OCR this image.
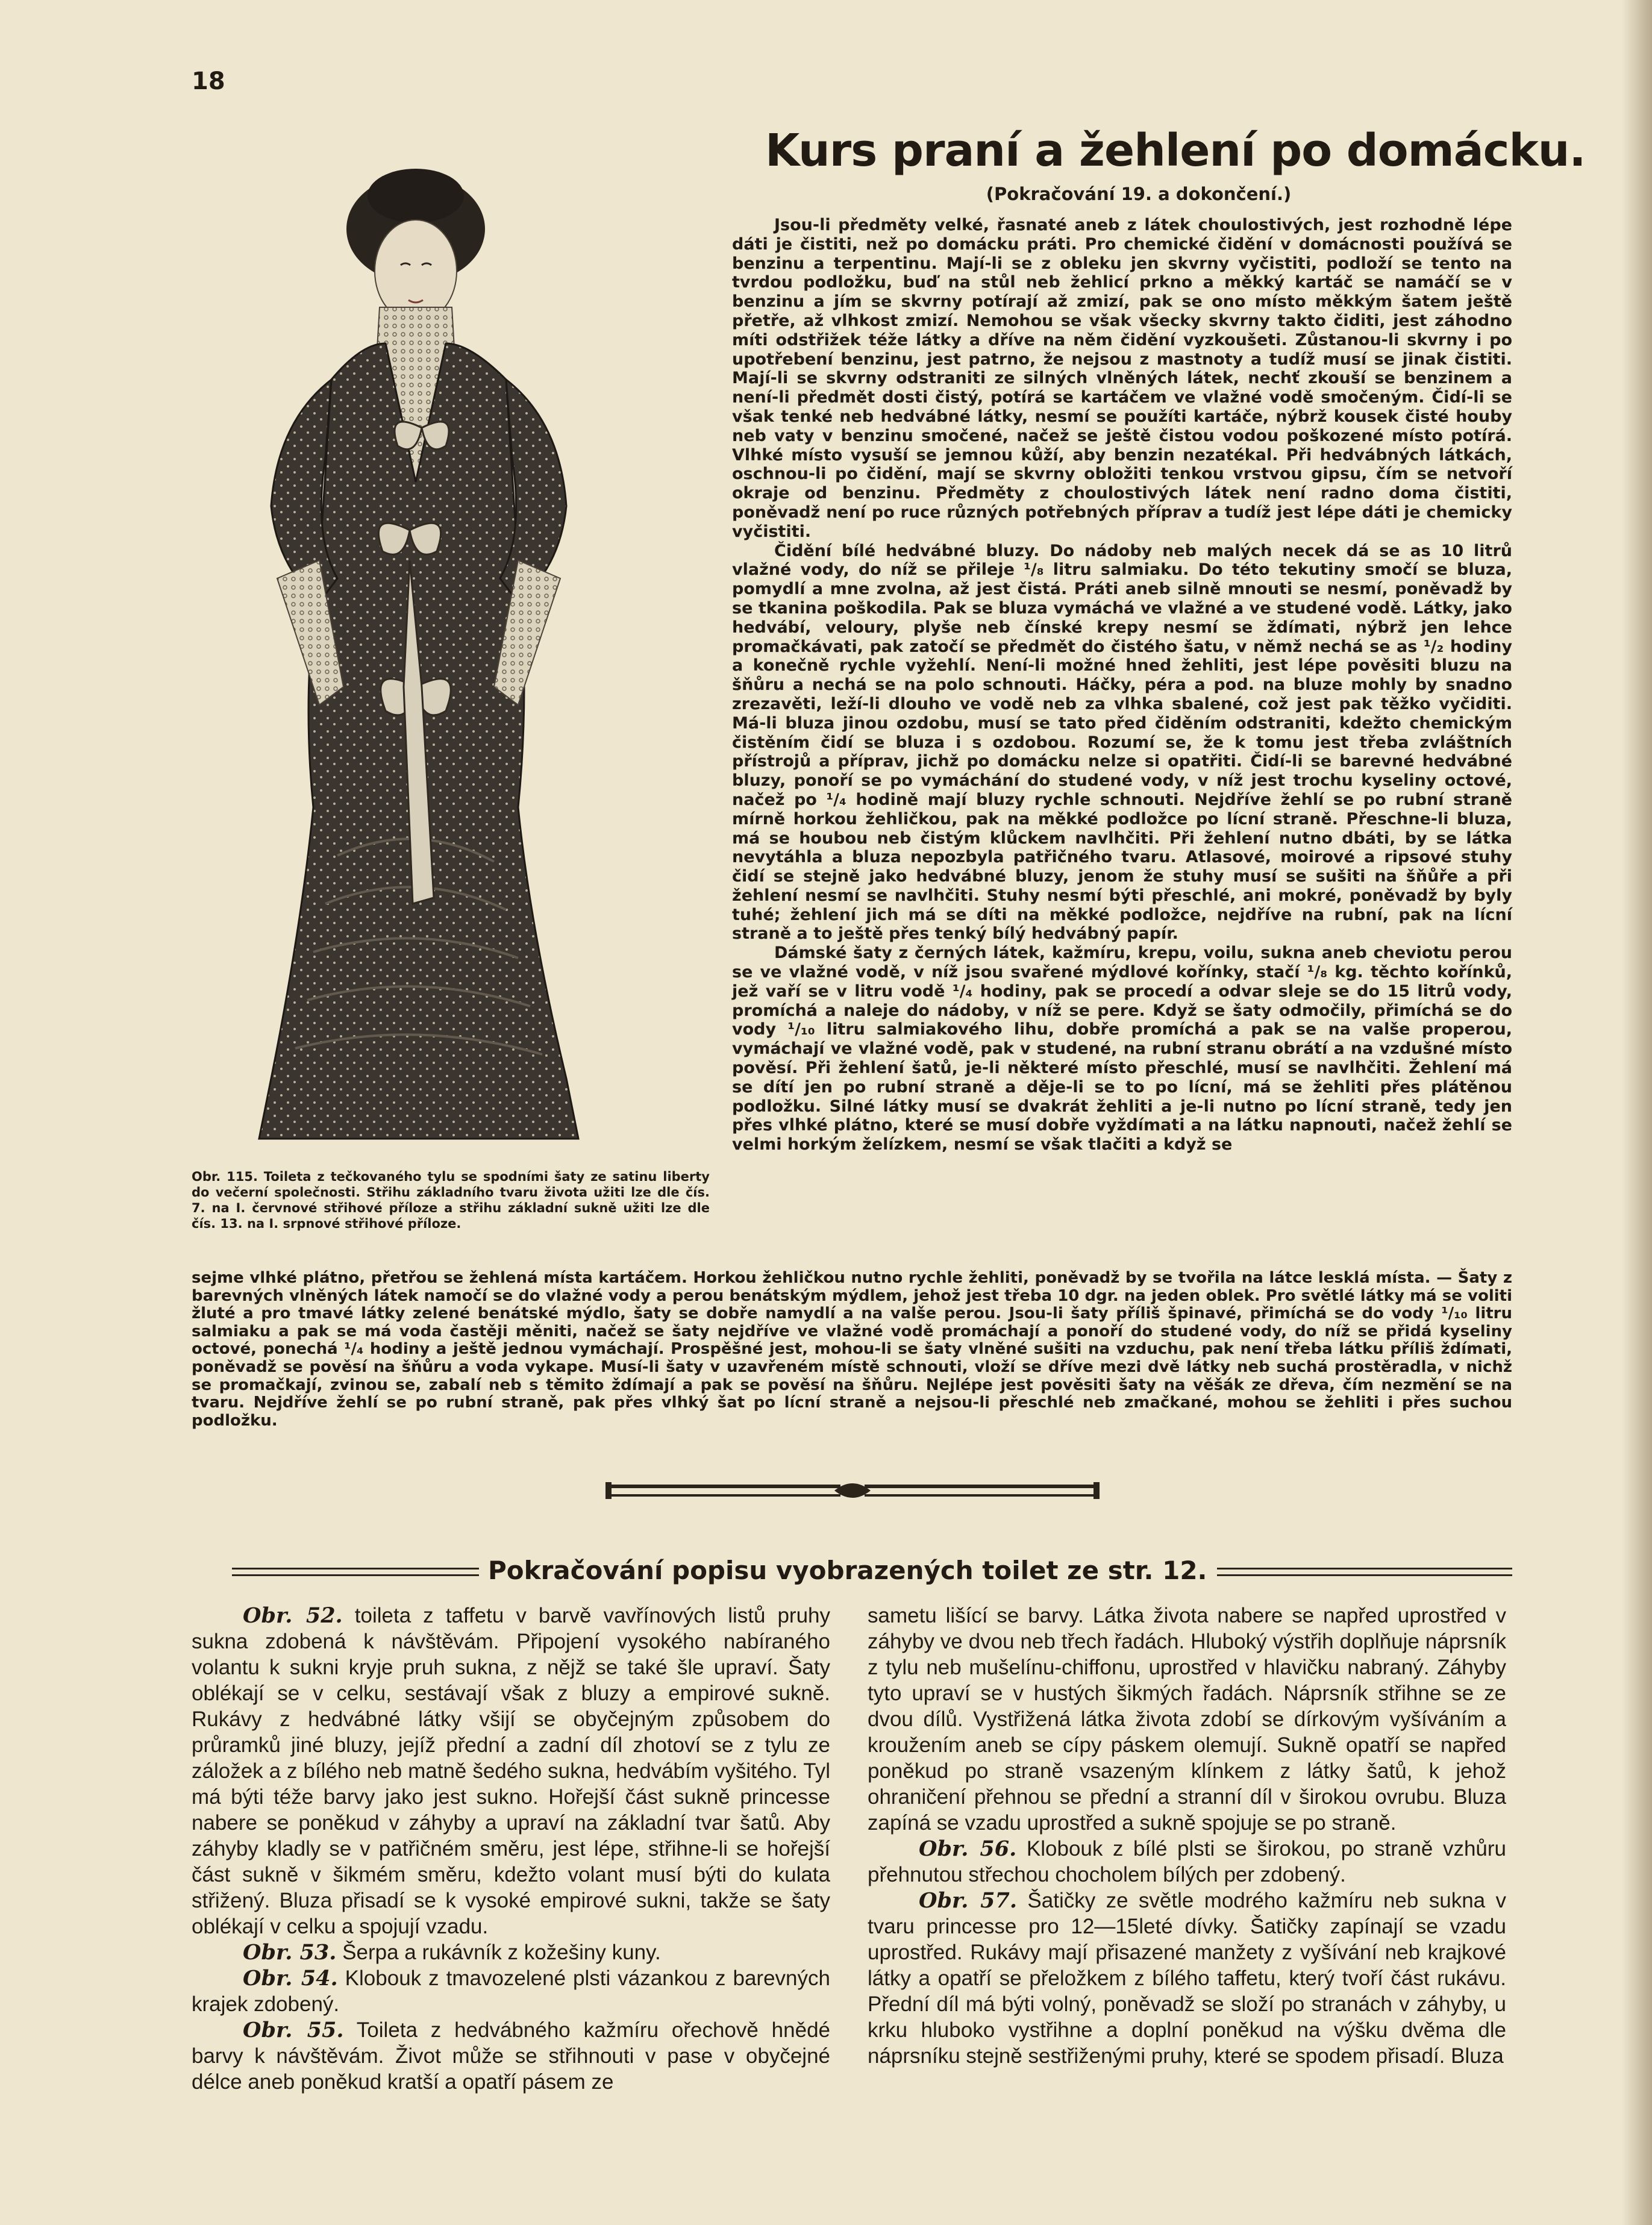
18

Obr. 115. Toileta z tečkovaného tylu se spodními šaty ze satinu liberty do večerní společnosti. Střihu základního tvaru života užiti lze dle čís. 7. na I. červnové střihové příloze a střihu základní sukně užiti lze dle čís. 13. na I. srpnové střihové příloze.

Kurs praní a žehlení po domácku.

(Pokračování 19. a dokončení.)

Jsou-li předměty velké, řasnaté aneb z látek choulostivých, jest rozhodně lépe dáti je čistiti, než po domácku práti. Pro chemické čidění v domácnosti používá se benzinu a terpentinu. Mají-li se z obleku jen skvrny vyčistiti, podloží se tento na tvrdou podložku, buď na stůl neb žehlicí prkno a měkký kartáč se namáčí se v benzinu a jím se skvrny potírají až zmizí, pak se ono místo měkkým šatem ještě přetře, až vlhkost zmizí. Nemohou se však všecky skvrny takto čiditi, jest záhodno míti odstřižek téže látky a dříve na něm čidění vyzkoušeti. Zůstanou-li skvrny i po upotřebení benzinu, jest patrno, že nejsou z mastnoty a tudíž musí se jinak čistiti. Mají-li se skvrny odstraniti ze silných vlněných látek, nechť zkouší se benzinem a není-li předmět dosti čistý, potírá se kartáčem ve vlažné vodě smočeným. Čidí-li se však tenké neb hedvábné látky, nesmí se použíti kartáče, nýbrž kousek čisté houby neb vaty v benzinu smočené, načež se ještě čistou vodou poškozené místo potírá. Vlhké místo vysuší se jemnou kůží, aby benzin nezatékal. Při hedvábných látkách, oschnou-li po čidění, mají se skvrny obložiti tenkou vrstvou gipsu, čím se netvoří okraje od benzinu. Předměty z choulostivých látek není radno doma čistiti, poněvadž není po ruce různých potřebných příprav a tudíž jest lépe dáti je chemicky vyčistiti.

Čidění bílé hedvábné bluzy. Do nádoby neb malých necek dá se as 10 litrů vlažné vody, do níž se přileje ¹/₈ litru salmiaku. Do této tekutiny smočí se bluza, pomydlí a mne zvolna, až jest čistá. Práti aneb silně mnouti se nesmí, poněvadž by se tkanina poškodila. Pak se bluza vymáchá ve vlažné a ve studené vodě. Látky, jako hedvábí, veloury, plyše neb čínské krepy nesmí se ždímati, nýbrž jen lehce promačkávati, pak zatočí se předmět do čistého šatu, v němž nechá se as ¹/₂ hodiny a konečně rychle vyžehlí. Není-li možné hned žehliti, jest lépe pověsiti bluzu na šňůru a nechá se na polo schnouti. Háčky, péra a pod. na bluze mohly by snadno zrezavěti, leží-li dlouho ve vodě neb za vlhka sbalené, což jest pak těžko vyčiditi. Má-li bluza jinou ozdobu, musí se tato před čiděním odstraniti, kdežto chemickým čistěním čidí se bluza i s ozdobou. Rozumí se, že k tomu jest třeba zvláštních přístrojů a příprav, jichž po domácku nelze si opatřiti. Čidí-li se barevné hedvábné bluzy, ponoří se po vymáchání do studené vody, v níž jest trochu kyseliny octové, načež po ¹/₄ hodině mají bluzy rychle schnouti. Nejdříve žehlí se po rubní straně mírně horkou žehličkou, pak na měkké podložce po lícní straně. Přeschne-li bluza, má se houbou neb čistým klůckem navlhčiti. Při žehlení nutno dbáti, by se látka nevytáhla a bluza nepozbyla patřičného tvaru. Atlasové, moirové a ripsové stuhy čidí se stejně jako hedvábné bluzy, jenom že stuhy musí se sušiti na šňůře a při žehlení nesmí se navlhčiti. Stuhy nesmí býti přeschlé, ani mokré, poněvadž by byly tuhé; žehlení jich má se díti na měkké podložce, nejdříve na rubní, pak na lícní straně a to ještě přes tenký bílý hedvábný papír.

Dámské šaty z černých látek, kažmíru, krepu, voilu, sukna aneb cheviotu perou se ve vlažné vodě, v níž jsou svařené mýdlové kořínky, stačí ¹/₈ kg. těchto kořínků, jež vaří se v litru vodě ¹/₄ hodiny, pak se procedí a odvar sleje se do 15 litrů vody, promíchá a naleje do nádoby, v níž se pere. Když se šaty odmočily, přimíchá se do vody ¹/₁₀ litru salmiakového lihu, dobře promíchá a pak se na valše properou, vymáchají ve vlažné vodě, pak v studené, na rubní stranu obrátí a na vzdušné místo pověsí. Při žehlení šatů, je-li některé místo přeschlé, musí se navlhčiti. Žehlení má se dítí jen po rubní straně a děje-li se to po lícní, má se žehliti přes plátěnou podložku. Silné látky musí se dvakrát žehliti a je-li nutno po lícní straně, tedy jen přes vlhké plátno, které se musí dobře vyždímati a na látku napnouti, načež žehlí se velmi horkým želízkem, nesmí se však tlačiti a když se

sejme vlhké plátno, přetřou se žehlená místa kartáčem. Horkou žehličkou nutno rychle žehliti, poněvadž by se tvořila na látce lesklá místa. — Šaty z barevných vlněných látek namočí se do vlažné vody a perou benátským mýdlem, jehož jest třeba 10 dgr. na jeden oblek. Pro světlé látky má se voliti žluté a pro tmavé látky zelené benátské mýdlo, šaty se dobře namydlí a na valše perou. Jsou-li šaty příliš špinavé, přimíchá se do vody ¹/₁₀ litru salmiaku a pak se má voda častěji měniti, načež se šaty nejdříve ve vlažné vodě promáchají a ponoří do studené vody, do níž se přidá kyseliny octové, ponechá ¹/₄ hodiny a ještě jednou vymáchají. Prospěšné jest, mohou-li se šaty vlněné sušiti na vzduchu, pak není třeba látku příliš ždímati, poněvadž se pověsí na šňůru a voda vykape. Musí-li šaty v uzavřeném místě schnouti, vloží se dříve mezi dvě látky neb suchá prostěradla, v nichž se promačkají, zvinou se, zabalí neb s těmito ždímají a pak se pověsí na šňůru. Nejlépe jest pověsiti šaty na věšák ze dřeva, čím nezmění se na tvaru. Nejdříve žehlí se po rubní straně, pak přes vlhký šat po lícní straně a nejsou-li přeschlé neb zmačkané, mohou se žehliti i přes suchou podložku.

Pokračování popisu vyobrazených toilet ze str. 12.

Obr. 52. toileta z taffetu v barvě vavřínových listů pruhy sukna zdobená k návštěvám. Připojení vysokého nabíraného volantu k sukni kryje pruh sukna, z nějž se také šle upraví. Šaty oblékají se v celku, sestávají však z bluzy a empirové sukně. Rukávy z hedvábné látky všijí se obyčejným způsobem do průramků jiné bluzy, jejíž přední a zadní díl zhotoví se z tylu ze záložek a z bílého neb matně šedého sukna, hedvábím vyšitého. Tyl má býti téže barvy jako jest sukno. Hořejší část sukně princesse nabere se poněkud v záhyby a upraví na základní tvar šatů. Aby záhyby kladly se v patřičném směru, jest lépe, střihne-li se hořejší část sukně v šikmém směru, kdežto volant musí býti do kulata střižený. Bluza přisadí se k vysoké empirové sukni, takže se šaty oblékají v celku a spojují vzadu.

Obr. 53. Šerpa a rukávník z kožešiny kuny.

Obr. 54. Klobouk z tmavozelené plsti vázankou z barevných krajek zdobený.

Obr. 55. Toileta z hedvábného kažmíru ořechově hnědé barvy k návštěvám. Život může se střihnouti v pase v obyčejné délce aneb poněkud kratší a opatří pásem ze

sametu lišící se barvy. Látka života nabere se napřed uprostřed v záhyby ve dvou neb třech řadách. Hluboký výstřih doplňuje náprsník z tylu neb mušelínu-chiffonu, uprostřed v hlavičku nabraný. Záhyby tyto upraví se v hustých šikmých řadách. Náprsník střihne se ze dvou dílů. Vystřižená látka života zdobí se dírkovým vyšíváním a kroužením aneb se cípy páskem olemují. Sukně opatří se napřed poněkud po straně vsazeným klínkem z látky šatů, k jehož ohraničení přehnou se přední a stranní díl v širokou ovrubu. Bluza zapíná se vzadu uprostřed a sukně spojuje se po straně.

Obr. 56. Klobouk z bílé plsti se širokou, po straně vzhůru přehnutou střechou chocholem bílých per zdobený.

Obr. 57. Šatičky ze světle modrého kažmíru neb sukna v tvaru princesse pro 12—15leté dívky. Šatičky zapínají se vzadu uprostřed. Rukávy mají přisazené manžety z vyšívání neb krajkové látky a opatří se přeložkem z bílého taffetu, který tvoří část rukávu. Přední díl má býti volný, poněvadž se složí po stranách v záhyby, u krku hluboko vystřihne a doplní poněkud na výšku dvěma dle náprsníku stejně sestřiženými pruhy, které se spodem přisadí. Bluza
